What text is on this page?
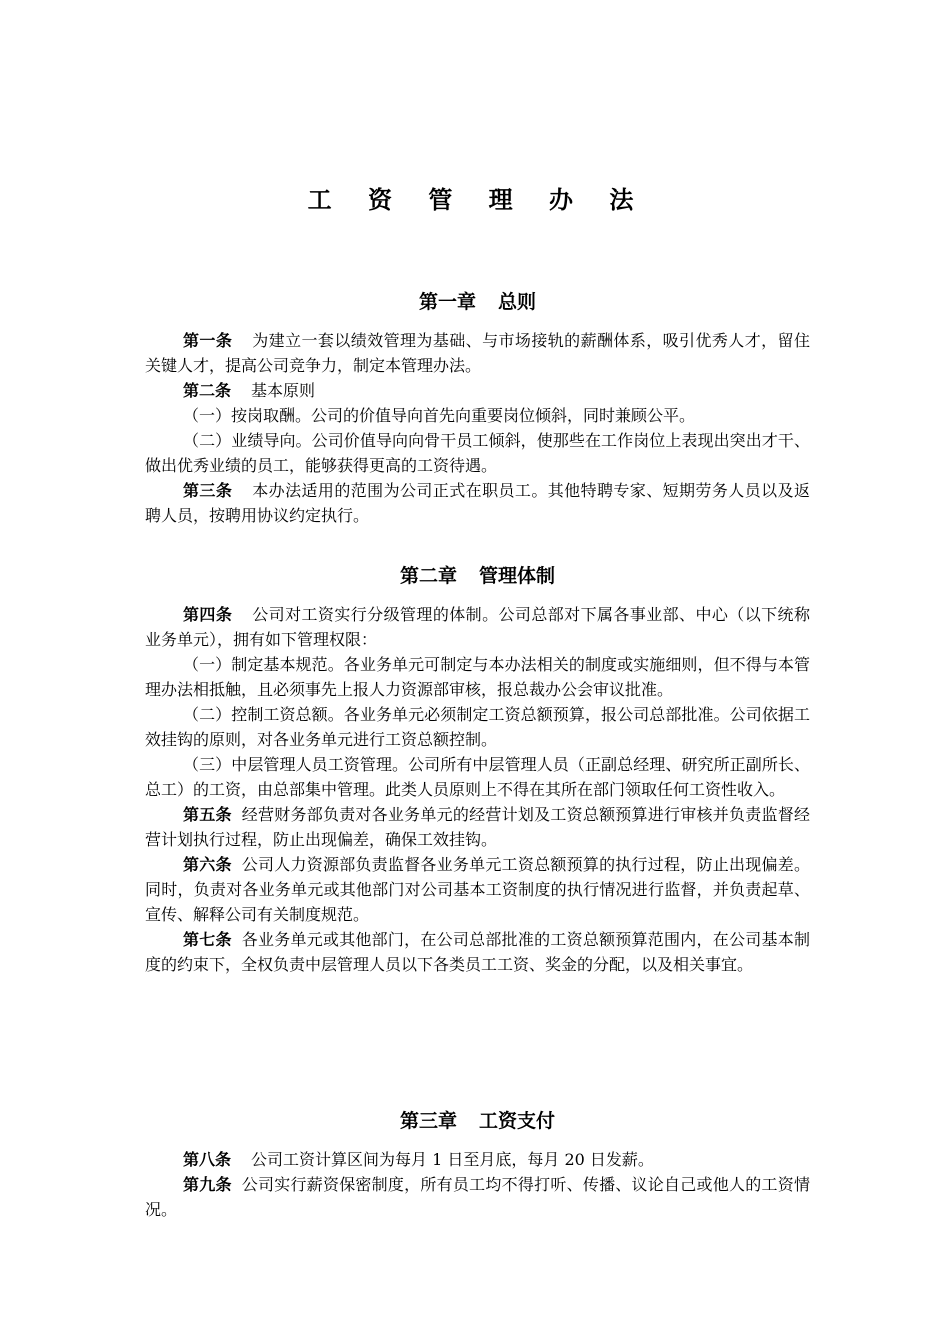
工 资 管 理 办 法
第一章 总则

第一条 为建立一套以绩效管理为基础、与市场接轨的薪酬体系，吸引优秀人才，留住关键人才，提高公司竞争力，制定本管理办法。

第二条 基本原则

（一）按岗取酬。公司的价值导向首先向重要岗位倾斜，同时兼顾公平。

（二）业绩导向。公司价值导向向骨干员工倾斜，使那些在工作岗位上表现出突出才干、做出优秀业绩的员工，能够获得更高的工资待遇。

第三条 本办法适用的范围为公司正式在职员工。其他特聘专家、短期劳务人员以及返聘人员，按聘用协议约定执行。

第二章 管理体制

第四条 公司对工资实行分级管理的体制。公司总部对下属各事业部、中心（以下统称业务单元），拥有如下管理权限：

（一）制定基本规范。各业务单元可制定与本办法相关的制度或实施细则，但不得与本管理办法相抵触，且必须事先上报人力资源部审核，报总裁办公会审议批准。

（二）控制工资总额。各业务单元必须制定工资总额预算，报公司总部批准。公司依据工效挂钩的原则，对各业务单元进行工资总额控制。

（三）中层管理人员工资管理。公司所有中层管理人员（正副总经理、研究所正副所长、总工）的工资，由总部集中管理。此类人员原则上不得在其所在部门领取任何工资性收入。

第五条 经营财务部负责对各业务单元的经营计划及工资总额预算进行审核并负责监督经营计划执行过程，防止出现偏差，确保工效挂钩。

第六条 公司人力资源部负责监督各业务单元工资总额预算的执行过程，防止出现偏差。同时，负责对各业务单元或其他部门对公司基本工资制度的执行情况进行监督，并负责起草、宣传、解释公司有关制度规范。

第七条 各业务单元或其他部门，在公司总部批准的工资总额预算范围内，在公司基本制度的约束下，全权负责中层管理人员以下各类员工工资、奖金的分配，以及相关事宜。

第三章 工资支付

第八条 公司工资计算区间为每月 1 日至月底，每月 20 日发薪。

第九条 公司实行薪资保密制度，所有员工均不得打听、传播、议论自己或他人的工资情况。
